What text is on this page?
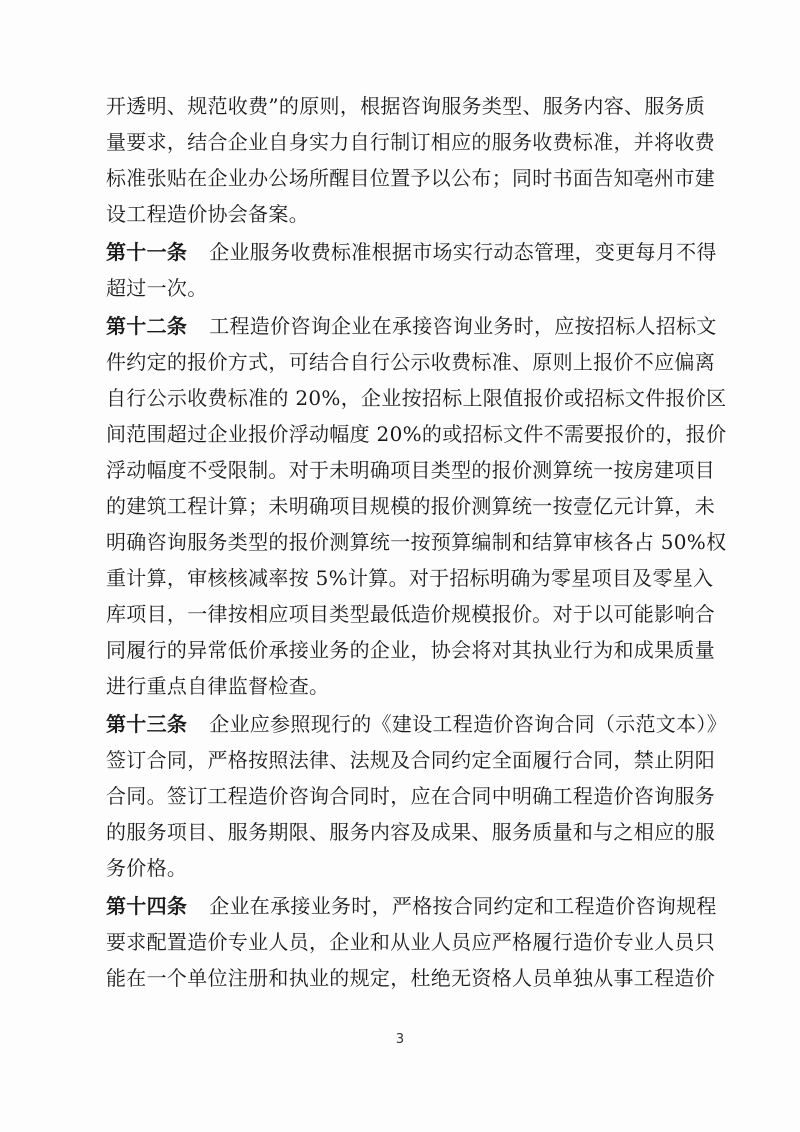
开透明、规范收费”的原则，根据咨询服务类型、服务内容、服务质
量要求，结合企业自身实力自行制订相应的服务收费标准，并将收费
标准张贴在企业办公场所醒目位置予以公布；同时书面告知亳州市建
设工程造价协会备案。
第十一条 企业服务收费标准根据市场实行动态管理，变更每月不得
超过一次。
第十二条 工程造价咨询企业在承接咨询业务时，应按招标人招标文
件约定的报价方式，可结合自行公示收费标准、原则上报价不应偏离
自行公示收费标准的 20%，企业按招标上限值报价或招标文件报价区
间范围超过企业报价浮动幅度 20%的或招标文件不需要报价的，报价
浮动幅度不受限制。对于未明确项目类型的报价测算统一按房建项目
的建筑工程计算；未明确项目规模的报价测算统一按壹亿元计算，未
明确咨询服务类型的报价测算统一按预算编制和结算审核各占 50%权
重计算，审核核减率按 5%计算。对于招标明确为零星项目及零星入
库项目，一律按相应项目类型最低造价规模报价。对于以可能影响合
同履行的异常低价承接业务的企业，协会将对其执业行为和成果质量
进行重点自律监督检查。
第十三条 企业应参照现行的《建设工程造价咨询合同（示范文本）》
签订合同，严格按照法律、法规及合同约定全面履行合同，禁止阴阳
合同。签订工程造价咨询合同时，应在合同中明确工程造价咨询服务
的服务项目、服务期限、服务内容及成果、服务质量和与之相应的服
务价格。
第十四条 企业在承接业务时，严格按合同约定和工程造价咨询规程
要求配置造价专业人员，企业和从业人员应严格履行造价专业人员只
能在一个单位注册和执业的规定，杜绝无资格人员单独从事工程造价
3
